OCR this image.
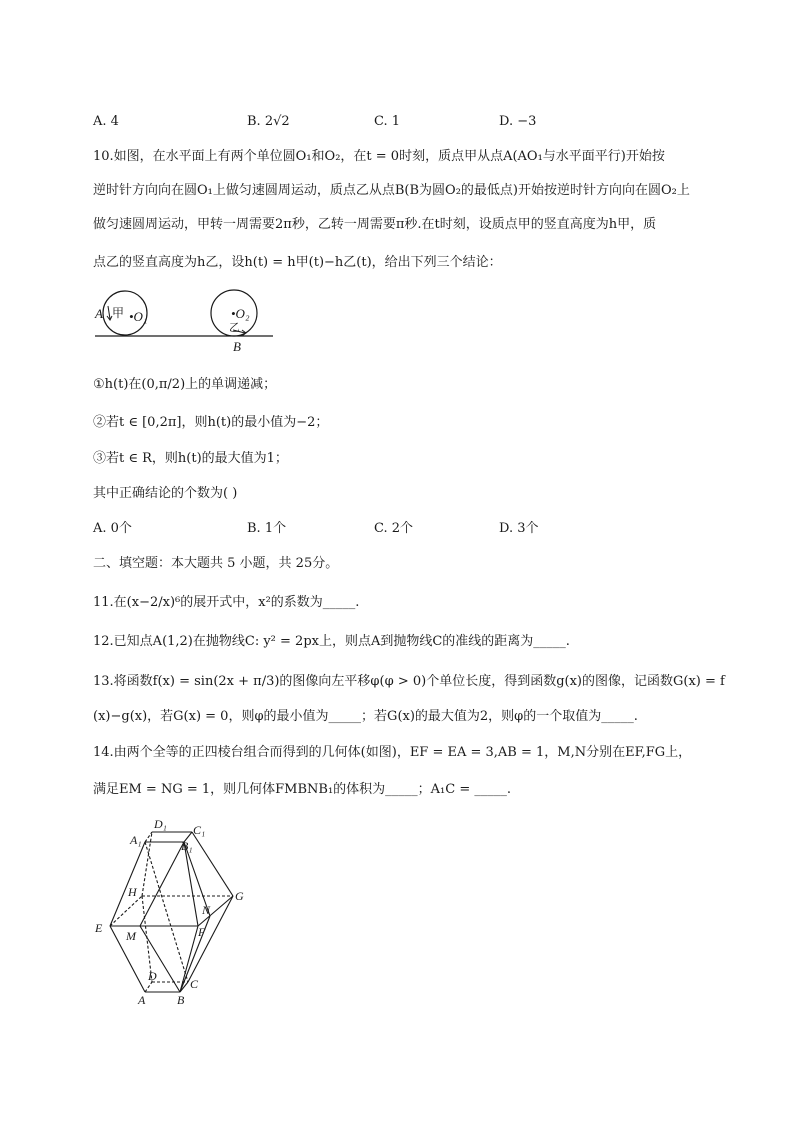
A. 4	B. 2√2	C. 1	D. −3
10.如图，在水平面上有两个单位圆O₁和O₂，在t = 0时刻，质点甲从点A(AO₁与水平面平行)开始按
逆时针方向向在圆O₁上做匀速圆周运动，质点乙从点B(B为圆O₂的最低点)开始按逆时针方向向在圆O₂上
做匀速圆周运动，甲转一周需要2π秒，乙转一周需要π秒.在t时刻，设质点甲的竖直高度为h甲，质
点乙的竖直高度为h乙，设h(t) = h甲(t)−h乙(t)，给出下列三个结论：
A 甲 •O₁	•O₂
乙
B
①h(t)在(0,π/2)上的单调递减；
②若t ∈ [0,2π]，则h(t)的最小值为−2；
③若t ∈ R，则h(t)的最大值为1；
其中正确结论的个数为( )
A. 0个	B. 1个	C. 2个	D. 3个
二、填空题：本大题共 5 小题，共 25分。
11.在(x−2/x)⁶的展开式中，x²的系数为_____.
12.已知点A(1,2)在抛物线C: y² = 2px上，则点A到抛物线C的准线的距离为_____.
13.将函数f(x) = sin(2x + π/3)的图像向左平移φ(φ > 0)个单位长度，得到函数g(x)的图像，记函数G(x) = f
(x)−g(x)，若G(x) = 0，则φ的最小值为_____；若G(x)的最大值为2，则φ的一个取值为_____.
14.由两个全等的正四棱台组合而得到的几何体(如图)，EF = EA = 3,AB = 1，M,N分别在EF,FG上，
满足EM = NG = 1，则几何体FMBNB₁的体积为_____；A₁C = _____.
D₁ C₁
A₁	B₁
H	G
N
E	F
M
D
C
A	B
